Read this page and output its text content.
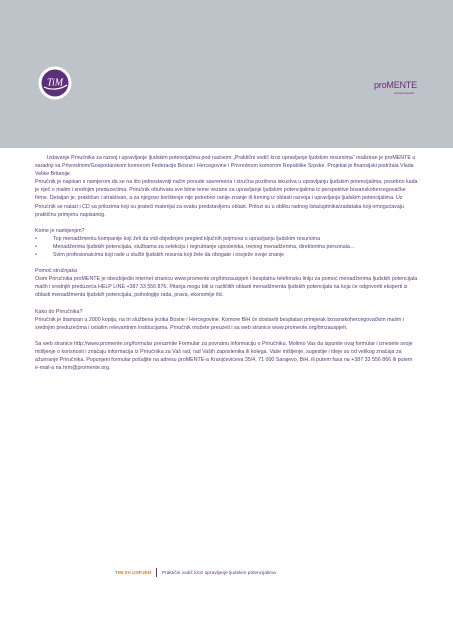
TiM	proMENTE
social research

Izdavanje Priručnika za razvoj i upravljanje ljudskim potencijalima pod nazivom „Praktični vodič kroz upravljanje ljudskim resursima“ realiziran je proMENTE u saradnji sa Privrednom/Gospodarskom komorom Federacije Bosne i Hercegovine i Privrednom komorom Republike Srpske. Projekat je finansijski podržala Vlada Velike Britanije.

Priručnik je napisan s namjerom da se na što jednostavniji način ponude savremena i stručna pozitivna iskustva u upravljanju ljudskim potencijalima, posebno kada je riječ o malim i srednjim preduzećima. Priručnik obuhvata sve bitne teme vezane za upravljanje ljudskim potencijalima iz perspektive bosanskohercegovačke firme. Detaljan je, praktičan i atraktivan, a za njegovo korištenje nije potrebno ranije znanje ili trening iz oblasti razvoja i upravljanja ljudskim potencijalima. Uz Priručnik se nalazi i CD sa prilozima koji su prateći materijal za svaku predstavljenu oblast. Prilozi su u obliku radnog lista/upitnika/zadataka koji omogućavaju praktičnu primjenu napisanog.

Kome je namijenjen?

•	Top menadžmentu kompanije koji želi da vidi objedinjen pregled ključnih pojmova o upravljanju ljudskim resursima
•	Menadžerima ljudskih potencijala, službama za selekciju i regrutiranje uposlenika, trening menadžerima, direktorima personala...
•	Svim profesionalcima koji rade u službi ljudskih resursa koji žele da obogate i osvježe svoje znanje

Pomoć stručnjaka

Osim Priručnika proMENTE je obezbijedio internet stranicu www.promente.org/timzauspjeh i besplatnu telefonsku liniju za pomoć menadžerima ljudskih potencijala malih i srednjih preduzeća HELP LINE +387 33 556 876. Pitanja mogu biti iz različitih oblasti menadžmenta ljudskih potencijala na koja će odgovoriti eksperti iz oblasti menadžmenta ljudskih potencijala, psihologije rada, prava, ekonomije itd.

Kako do Priručnika?

Priručnik je štampan u 2000 kopija, na tri službena jezika Bosne i Hercegovine. Komore BiH će dostaviti besplatan primjerak bosanskohercegovačkim malim i srednjim preduzećima i ostalim relevantnim institucijama. Priručnik možete preuzeti i sa web stranice www.promente.org/timzauspjeh.

Sa web stranice http://www.promente.org/formular preuzmite Formular za povratnu informaciju o Priručniku. Molimo Vas da ispunite ovaj formular i iznesete svoje mišljenje o korisnosti i značaju informacija iz Priručnika za Vaš rad, rad Vaših zaposlenika ili kolega. Vaše mišljenje, sugestije i ideje su od velikog značaja za ažuriranje Priručnika. Popunjeni formular pošaljite na adresu proMENTE-a Kranjčevićeva 35/4, 71 000 Sarajevo, BiH, ili putem faxa na +387 33 556 866 ili putem e-mail-a na hrm@promente.org.

TIM ZA USPJEH Praktični vodič kroz upravljanje ljudskim potencijalima
